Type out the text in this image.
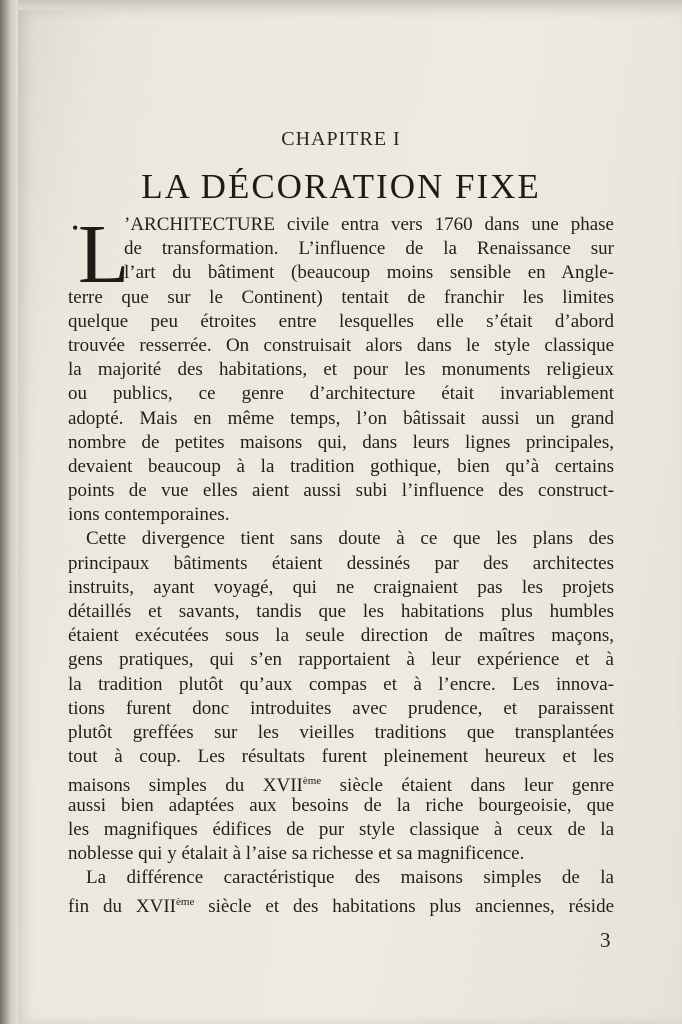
CHAPITRE I
LA DÉCORATION FIXE
• L
’ARCHITECTURE civile entra vers 1760 dans une phase
de transformation. L’influence de la Renaissance sur
l’art du bâtiment (beaucoup moins sensible en Angle-
terre que sur le Continent) tentait de franchir les limites
quelque peu étroites entre lesquelles elle s’était d’abord
trouvée resserrée. On construisait alors dans le style classique
la majorité des habitations, et pour les monuments religieux
ou publics, ce genre d’architecture était invariablement
adopté. Mais en même temps, l’on bâtissait aussi un grand
nombre de petites maisons qui, dans leurs lignes principales,
devaient beaucoup à la tradition gothique, bien qu’à certains
points de vue elles aient aussi subi l’influence des construct-
ions contemporaines.
Cette divergence tient sans doute à ce que les plans des
principaux bâtiments étaient dessinés par des architectes
instruits, ayant voyagé, qui ne craignaient pas les projets
détaillés et savants, tandis que les habitations plus humbles
étaient exécutées sous la seule direction de maîtres maçons,
gens pratiques, qui s’en rapportaient à leur expérience et à
la tradition plutôt qu’aux compas et à l’encre. Les innova-
tions furent donc introduites avec prudence, et paraissent
plutôt greffées sur les vieilles traditions que transplantées
tout à coup. Les résultats furent pleinement heureux et les
maisons simples du XVIIème siècle étaient dans leur genre
aussi bien adaptées aux besoins de la riche bourgeoisie, que
les magnifiques édifices de pur style classique à ceux de la
noblesse qui y étalait à l’aise sa richesse et sa magnificence.
La différence caractéristique des maisons simples de la
fin du XVIIème siècle et des habitations plus anciennes, réside
3
